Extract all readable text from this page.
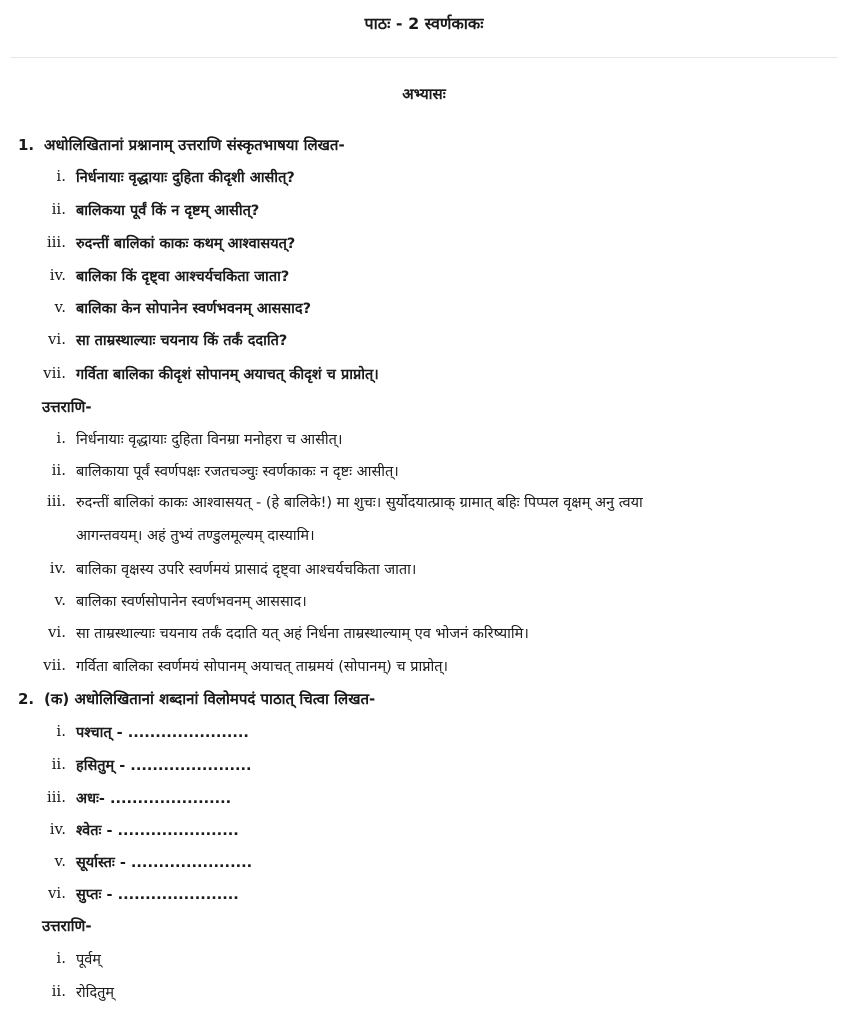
पाठः - 2 स्वर्णकाकः
अभ्यासः
1. अधोलिखितानां प्रश्नानाम् उत्तराणि संस्कृतभाषया लिखत-
i. निर्धनायाः वृद्धायाः दुहिता कीदृशी आसीत्?
ii. बालिकया पूर्वं किं न दृष्टम् आसीत्?
iii. रुदन्तीं बालिकां काकः कथम् आश्वासयत्?
iv. बालिका किं दृष्ट्वा आश्चर्यचकिता जाता?
v. बालिका केन सोपानेन स्वर्णभवनम् आससाद?
vi. सा ताम्रस्थाल्याः चयनाय किं तर्कं ददाति?
vii. गर्विता बालिका कीदृशं सोपानम् अयाचत् कीदृशं च प्राप्नोत्।
उत्तराणि-
i. निर्धनायाः वृद्धायाः दुहिता विनम्रा मनोहरा च आसीत्।
ii. बालिकाया पूर्वं स्वर्णपक्षः रजतचञ्चुः स्वर्णकाकः न दृष्टः आसीत्।
iii. रुदन्तीं बालिकां काकः आश्वासयत् - (हे बालिके!) मा शुचः। सुर्योदयात्प्राक् ग्रामात् बहिः पिप्पल वृक्षम् अनु त्वया
आगन्तवयम्। अहं तुभ्यं तण्डुलमूल्यम् दास्यामि।
iv. बालिका वृक्षस्य उपरि स्वर्णमयं प्रासादं दृष्ट्वा आश्चर्यचकिता जाता।
v. बालिका स्वर्णसोपानेन स्वर्णभवनम् आससाद।
vi. सा ताम्रस्थाल्याः चयनाय तर्कं ददाति यत् अहं निर्धना ताम्रस्थाल्याम् एव भोजनं करिष्यामि।
vii. गर्विता बालिका स्वर्णमयं सोपानम् अयाचत् ताम्रमयं (सोपानम्) च प्राप्नोत्।
2. (क) अधोलिखितानां शब्दानां विलोमपदं पाठात् चित्वा लिखत-
i. पश्चात् - ......................
ii. हसितुम् - ......................
iii. अधः- ......................
iv. श्वेतः - ......................
v. सूर्यास्तः - ......................
vi. सुप्तः - ......................
उत्तराणि-
i. पूर्वम्
ii. रोदितुम्
